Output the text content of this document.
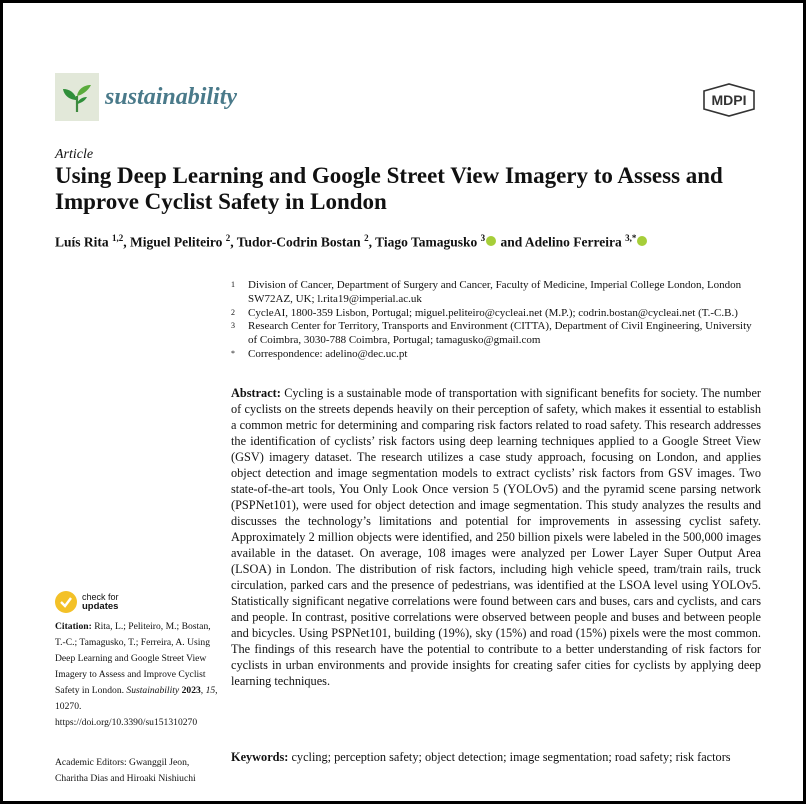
sustainability	MDPI
Article
Using Deep Learning and Google Street View Imagery to Assess and Improve Cyclist Safety in London
Luís Rita $^{1,2}$, Miguel Peliteiro $^2$, Tudor-Codrin Bostan $^2$, Tiago Tamagusko $^3$ and Adelino Ferreira $^{3,*}$
1	Division of Cancer, Department of Surgery and Cancer, Faculty of Medicine, Imperial College London, London SW72AZ, UK; l.rita19@imperial.ac.uk
2	CycleAI, 1800-359 Lisbon, Portugal; miguel.peliteiro@cycleai.net (M.P.); codrin.bostan@cycleai.net (T.-C.B.)
3	Research Center for Territory, Transports and Environment (CITTA), Department of Civil Engineering, University of Coimbra, 3030-788 Coimbra, Portugal; tamagusko@gmail.com
*	Correspondence: adelino@dec.uc.pt
Abstract: Cycling is a sustainable mode of transportation with significant benefits for society. The number of cyclists on the streets depends heavily on their perception of safety, which makes it essential to establish a common metric for determining and comparing risk factors related to road safety. This research addresses the identification of cyclists’ risk factors using deep learning techniques applied to a Google Street View (GSV) imagery dataset. The research utilizes a case study approach, focusing on London, and applies object detection and image segmentation models to extract cyclists’ risk factors from GSV images. Two state-of-the-art tools, You Only Look Once version 5 (YOLOv5) and the pyramid scene parsing network (PSPNet101), were used for object detection and image segmentation. This study analyzes the results and discusses the technology’s limitations and potential for improvements in assessing cyclist safety. Approximately 2 million objects were identified, and 250 billion pixels were labeled in the 500,000 images available in the dataset. On average, 108 images were analyzed per Lower Layer Super Output Area (LSOA) in London. The distribution of risk factors, including high vehicle speed, tram/train rails, truck circulation, parked cars and the presence of pedestrians, was identified at the LSOA level using YOLOv5. Statistically significant negative correlations were found between cars and buses, cars and cyclists, and cars and people. In contrast, positive correlations were observed between people and buses and between people and bicycles. Using PSPNet101, building (19%), sky (15%) and road (15%) pixels were the most common. The findings of this research have the potential to contribute to a better understanding of risk factors for cyclists in urban environments and provide insights for creating safer cities for cyclists by applying deep learning techniques.
Keywords: cycling; perception safety; object detection; image segmentation; road safety; risk factors
check for
updates
Citation: Rita, L.; Peliteiro, M.; Bostan, T.-C.; Tamagusko, T.; Ferreira, A. Using Deep Learning and Google Street View Imagery to Assess and Improve Cyclist Safety in London. Sustainability 2023, 15, 10270. https://doi.org/10.3390/su151310270
Academic Editors: Gwanggil Jeon, Charitha Dias and Hiroaki Nishiuchi
